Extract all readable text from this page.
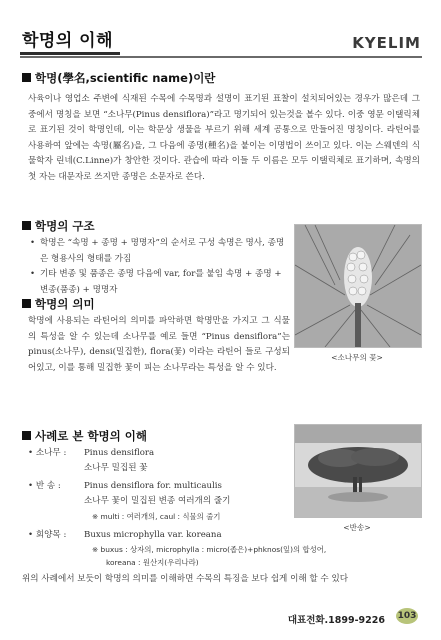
학명의 이해	KYELIM
학명(學名,scientific name)이란

사육이나 영업소 주변에 식재된 수목에 수목명과 설명이 표기된 표찰이 설치되어있는 경우가 많은데 그 중에서 명칭을 보면 “소나무(Pinus densiflora)”라고 명기되어 있는것을 볼수 있다. 이중 영문 이탤릭체로 표기된 것이 학명인데, 이는 학문상 생물을 부르기 위해 세계 공통으로 만들어진 명칭이다. 라틴어를 사용하여 앞에는 속명(屬名)을, 그 다음에 종명(種名)을 붙이는 이명법이 쓰이고 있다. 이는 스웨덴의 식물학자 린네(C.Linne)가 창안한 것이다. 관습에 따라 이들 두 이름은 모두 이탤릭체로 표기하며, 속명의 첫 자는 대문자로 쓰지만 종명은 소문자로 쓴다.

학명의 구조
• 학명은 “속명 + 종명 + 명명자”의 순서로 구성 속명은 명사, 종명은 형용사의 형태를 가짐
• 기타 변종 및 품종은 종명 다음에 var, for를 붙임 속명 + 종명 + 변종(품종) + 명명자
<소나무의 꽃>
학명의 의미

학명에 사용되는 라틴어의 의미를 파악하면 학명만을 가지고 그 식물의 특성을 알 수 있는데 소나무를 예로 들면 “Pinus densiflora”는 pinus(소나무), densi(밀집한), flora(꽃) 이라는 라틴어 들로 구성되어있고, 이를 통해 밀집한 꽃이 피는 소나무라는 특성을 알 수 있다.

사례로 본 학명의 이해
• 소나무 : Pinus densiflora
소나무 밀집된 꽃
• 반 송 :	Pinus densiflora for. multicaulis
소나무 꽃이 밀집된 변종 여러개의 줄기
※ multi : 여러개의, caul : 식물의 줄기
• 회양목 : Buxus microphylla var. koreana
※ buxus : 상자의, microphylla : micro(좁은)+phknos(잎)의 합성어,
koreana : 원산지(우리나라)
<반송>

위의 사례에서 보듯이 학명의 의미를 이해하면 수목의 특징을 보다 쉽게 이해 할 수 있다

대표전화.1899-9226 103
